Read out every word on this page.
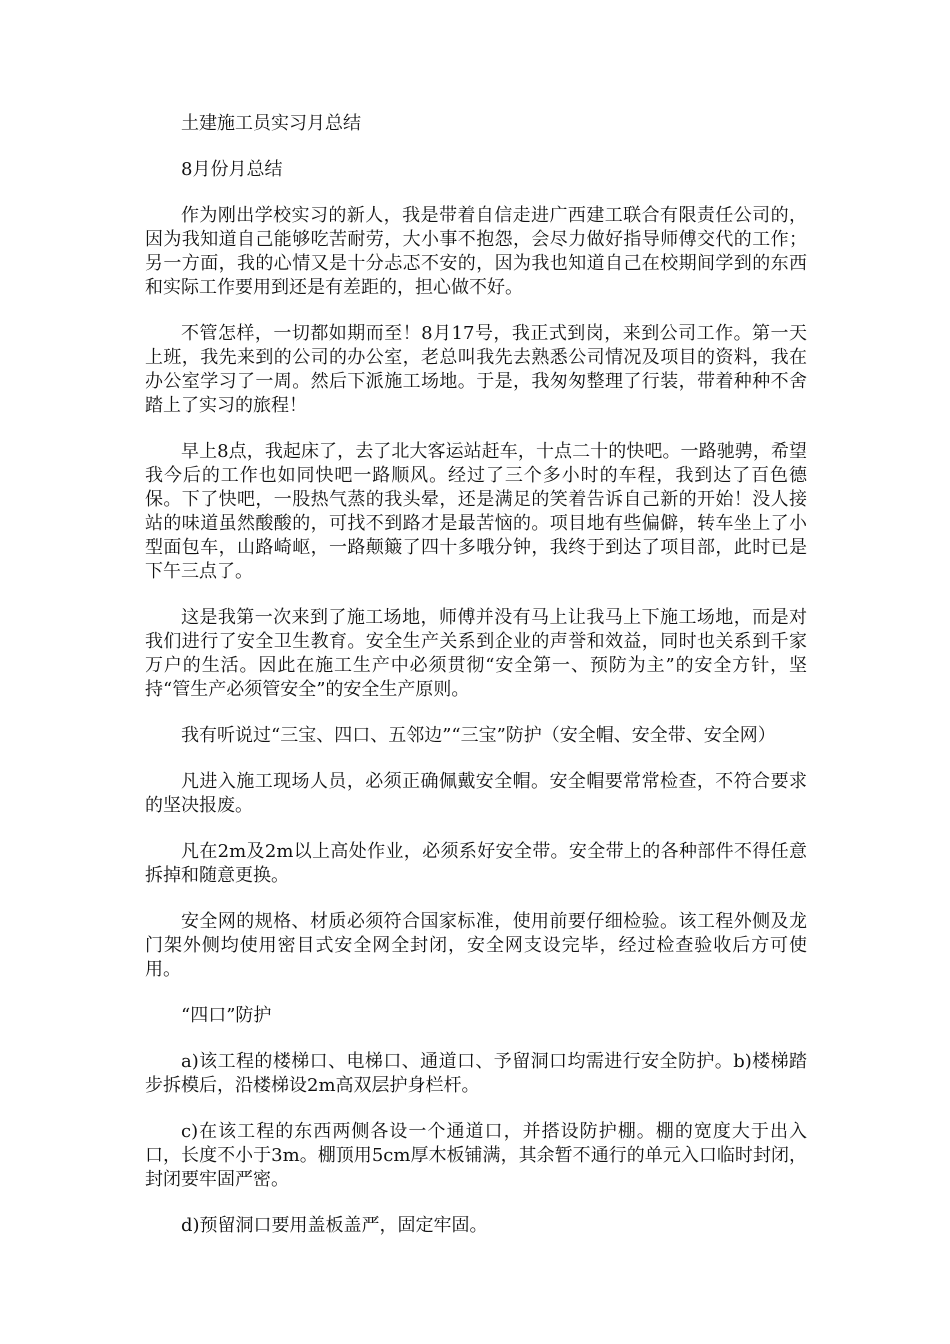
土建施工员实习月总结

8月份月总结

作为刚出学校实习的新人，我是带着自信走进广西建工联合有限责任公司的，因为我知道自己能够吃苦耐劳，大小事不抱怨，会尽力做好指导师傅交代的工作；另一方面，我的心情又是十分忐忑不安的，因为我也知道自己在校期间学到的东西和实际工作要用到还是有差距的，担心做不好。

不管怎样，一切都如期而至！8月17号，我正式到岗，来到公司工作。第一天上班，我先来到的公司的办公室，老总叫我先去熟悉公司情况及项目的资料，我在办公室学习了一周。然后下派施工场地。于是，我匆匆整理了行装，带着种种不舍踏上了实习的旅程！

早上8点，我起床了，去了北大客运站赶车，十点二十的快吧。一路驰骋，希望我今后的工作也如同快吧一路顺风。经过了三个多小时的车程，我到达了百色德保。下了快吧，一股热气蒸的我头晕，还是满足的笑着告诉自己新的开始！没人接站的味道虽然酸酸的，可找不到路才是最苦恼的。项目地有些偏僻，转车坐上了小型面包车，山路崎岖，一路颠簸了四十多哦分钟，我终于到达了项目部，此时已是下午三点了。

这是我第一次来到了施工场地，师傅并没有马上让我马上下施工场地，而是对我们进行了安全卫生教育。安全生产关系到企业的声誉和效益，同时也关系到千家万户的生活。因此在施工生产中必须贯彻“安全第一、预防为主”的安全方针，坚持“管生产必须管安全”的安全生产原则。

我有听说过“三宝、四口、五邻边”“三宝”防护（安全帽、安全带、安全网）

凡进入施工现场人员，必须正确佩戴安全帽。安全帽要常常检查，不符合要求的坚决报废。

凡在2m及2m以上高处作业，必须系好安全带。安全带上的各种部件不得任意拆掉和随意更换。

安全网的规格、材质必须符合国家标准，使用前要仔细检验。该工程外侧及龙门架外侧均使用密目式安全网全封闭，安全网支设完毕，经过检查验收后方可使用。

“四口”防护

a)该工程的楼梯口、电梯口、通道口、予留洞口均需进行安全防护。b)楼梯踏步拆模后，沿楼梯设2m高双层护身栏杆。

c)在该工程的东西两侧各设一个通道口，并搭设防护棚。棚的宽度大于出入口，长度不小于3m。棚顶用5cm厚木板铺满，其余暂不通行的单元入口临时封闭，封闭要牢固严密。

d)预留洞口要用盖板盖严，固定牢固。
